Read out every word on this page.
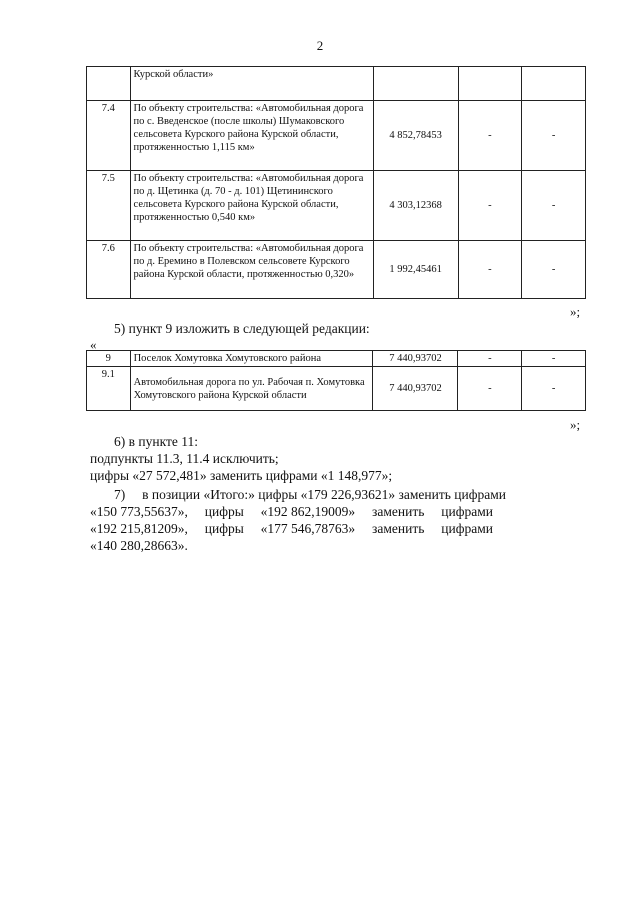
2
	Курской области»			
7.4	По объекту строительства: «Автомобильная дорога по с. Введенское (после школы) Шумаковского сельсовета Курского района Курской области, протяженностью 1,115 км»	4 852,78453	-	-
7.5	По объекту строительства: «Автомобильная дорога по д. Щетинка (д. 70 - д. 101) Щетининского сельсовета Курского района Курской области, протяженностью 0,540 км»	4 303,12368	-	-
7.6	По объекту строительства: «Автомобильная дорога по д. Еремино в Полевском сельсовете Курского района Курской области, протяженностью 0,320»	1 992,45461	-	-
»;
5) пункт 9 изложить в следующей редакции:
«
9	Поселок Хомутовка Хомутовского района	7 440,93702	-	-
9.1	Автомобильная дорога по ул. Рабочая п. Хомутовка Хомутовского района Курской области	7 440,93702	-	-
»;
6) в пункте 11:
подпункты 11.3, 11.4 исключить;
цифры «27 572,481» заменить цифрами «1 148,977»;
7)     в позиции «Итого:» цифры «179 226,93621» заменить цифрами
«150 773,55637»,     цифры     «192 862,19009»     заменить     цифрами
«192 215,81209»,     цифры     «177 546,78763»     заменить     цифрами
«140 280,28663».
